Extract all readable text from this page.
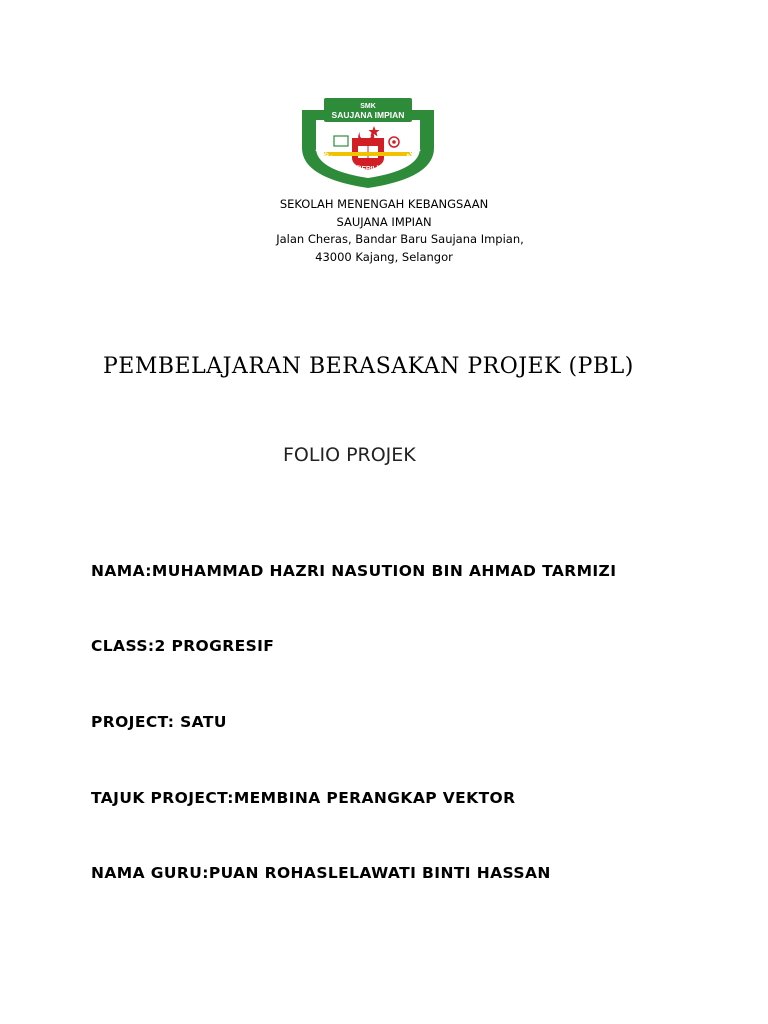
SMK
SAUJANA IMPIAN
BERAKHLAK BERILMU BERBAKTI
SEKOLAH MENENGAH KEBANGSAAN
SAUJANA IMPIAN
Jalan Cheras, Bandar Baru Saujana Impian,
43000 Kajang, Selangor
PEMBELAJARAN BERASAKAN PROJEK (PBL)
FOLIO PROJEK
NAMA:MUHAMMAD HAZRI NASUTION BIN AHMAD TARMIZI
CLASS:2 PROGRESIF
PROJECT: SATU
TAJUK PROJECT:MEMBINA PERANGKAP VEKTOR
NAMA GURU:PUAN ROHASLELAWATI BINTI HASSAN
